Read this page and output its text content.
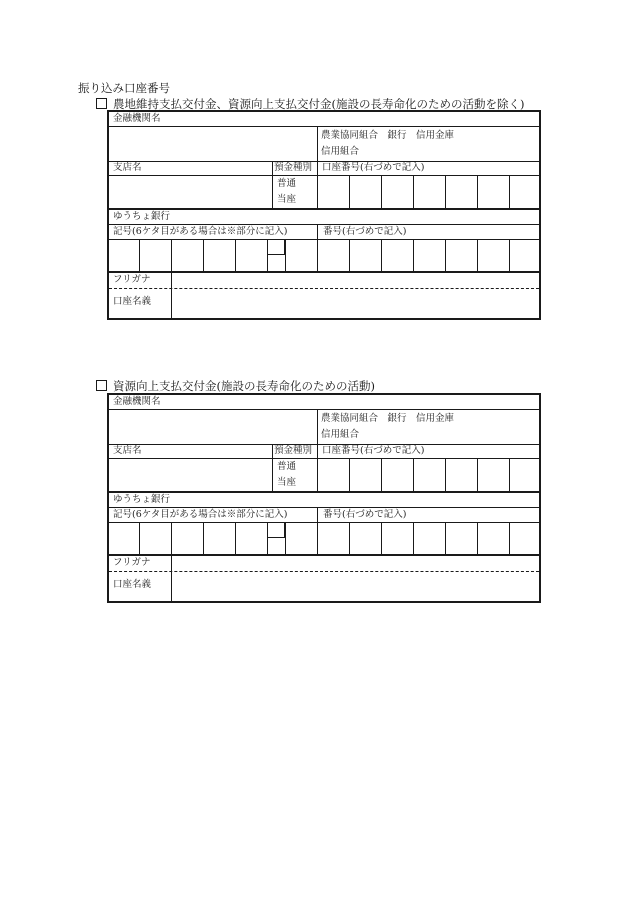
振り込み口座番号
農地維持支払交付金、資源向上支払交付金(施設の長寿命化のための活動を除く)
金融機関名
農業協同組合　銀行　信用金庫
信用組合
支店名	預金種別 口座番号(右づめで記入)
普通
当座
ゆうちょ銀行
記号(6ケタ目がある場合は※部分に記入)	番号(右づめで記入)
フリガナ
口座名義
資源向上支払交付金(施設の長寿命化のための活動)
金融機関名
農業協同組合　銀行　信用金庫
信用組合
支店名	預金種別 口座番号(右づめで記入)
普通
当座
ゆうちょ銀行
記号(6ケタ目がある場合は※部分に記入)	番号(右づめで記入)
フリガナ
口座名義
